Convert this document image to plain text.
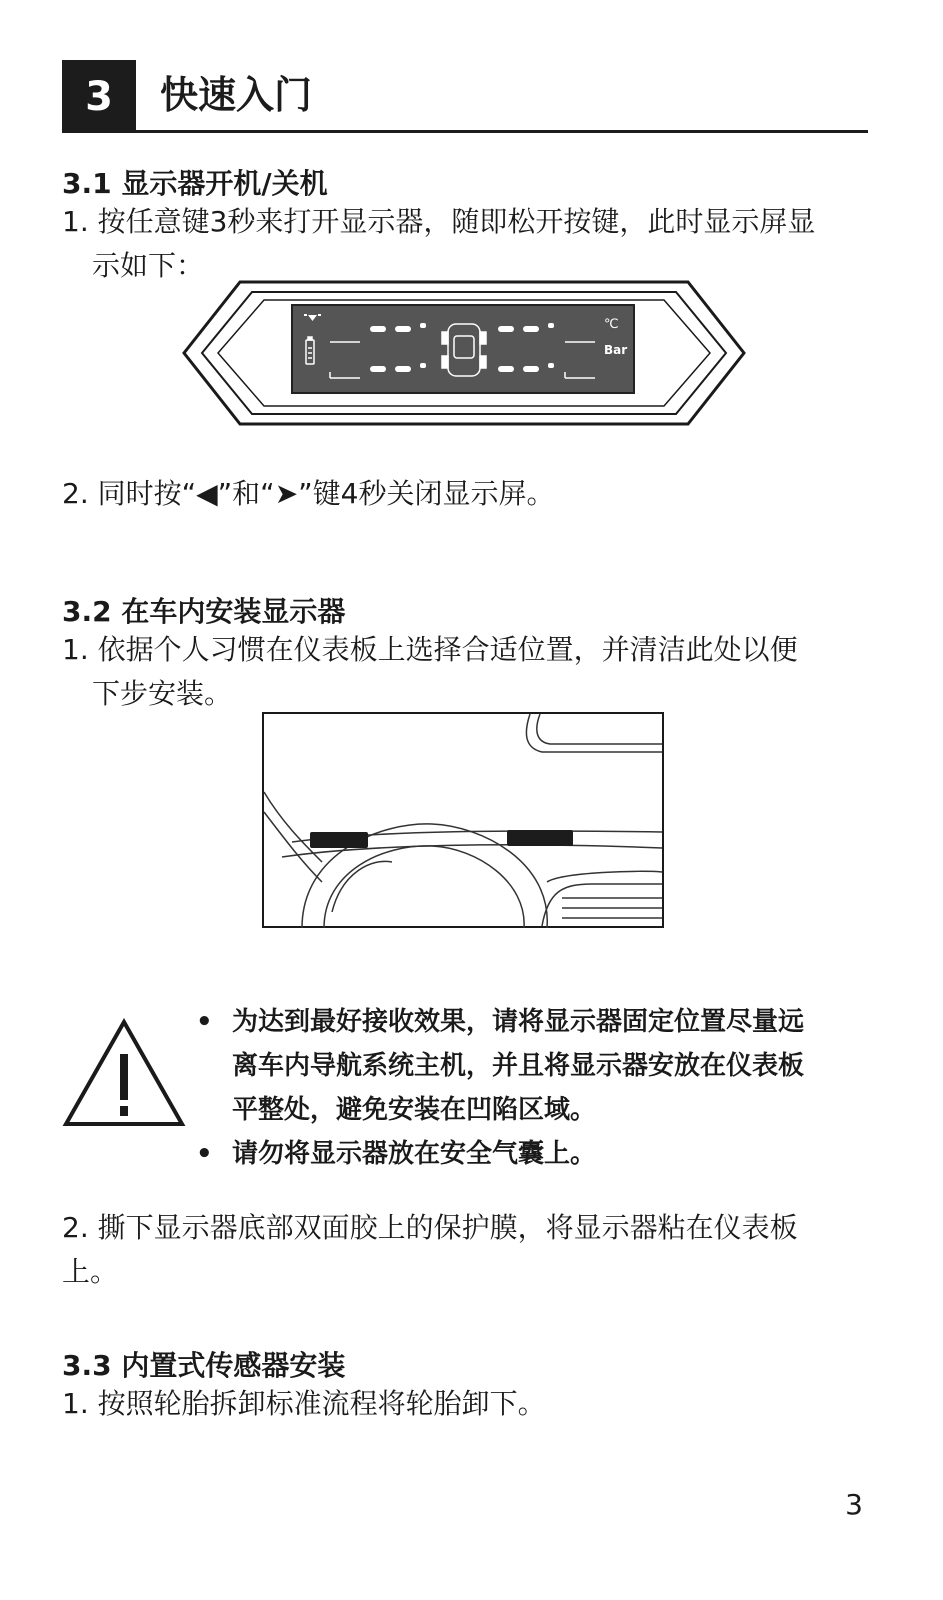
3	快速入门
3.1 显示器开机/关机
1. 按任意键3秒来打开显示器，随即松开按键，此时显示屏显
示如下：
℃
Bar
2. 同时按“◀”和“➤”键4秒关闭显示屏。
3.2 在车内安装显示器
1. 依据个人习惯在仪表板上选择合适位置，并清洁此处以便
下步安装。
• 为达到最好接收效果，请将显示器固定位置尽量远
离车内导航系统主机，并且将显示器安放在仪表板
平整处，避免安装在凹陷区域。
• 请勿将显示器放在安全气囊上。
2. 撕下显示器底部双面胶上的保护膜，将显示器粘在仪表板
上。
3.3 内置式传感器安装
1. 按照轮胎拆卸标准流程将轮胎卸下。
3
